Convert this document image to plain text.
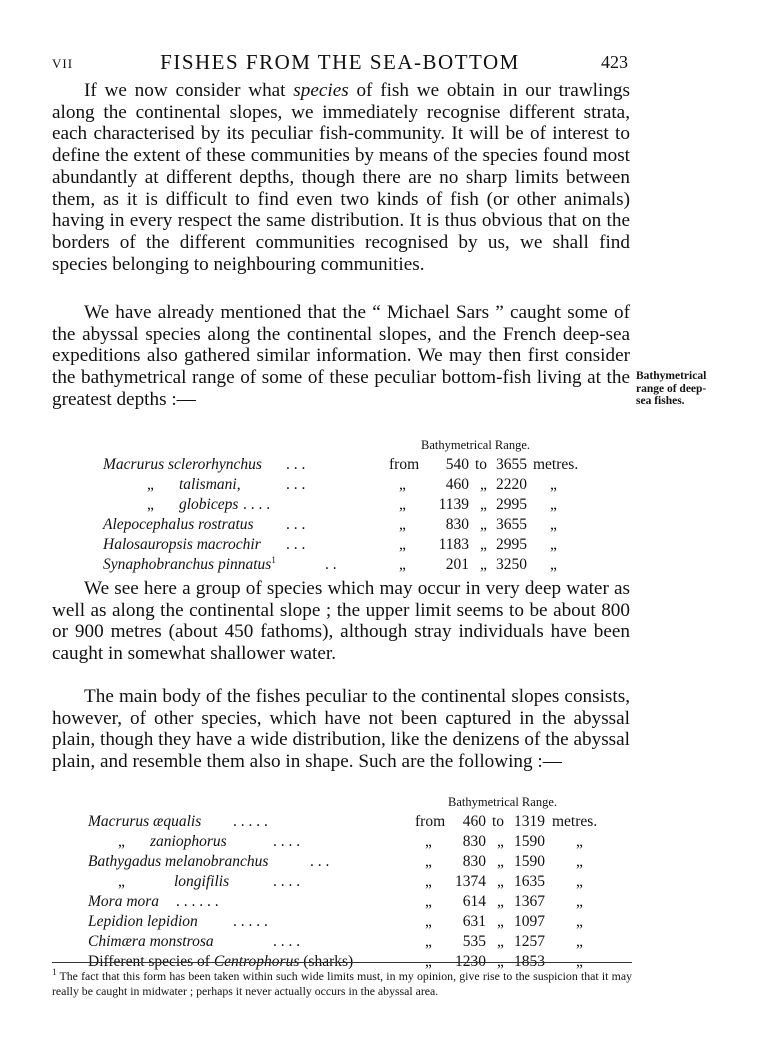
VII	FISHES FROM THE SEA-BOTTOM	423

If we now consider what species of fish we obtain in our trawlings along the continental slopes, we immediately recognise different strata, each characterised by its peculiar fish-community. It will be of interest to define the extent of these communities by means of the species found most abundantly at different depths, though there are no sharp limits between them, as it is difficult to find even two kinds of fish (or other animals) having in every respect the same distribution. It is thus obvious that on the borders of the different communities recognised by us, we shall find species belonging to neighbouring communities.

We have already mentioned that the “ Michael Sars ” caught some of the abyssal species along the continental slopes, and the French deep-sea expeditions also gathered similar information. We may then first consider the bathymetrical range of some of these peculiar bottom-fish living at the greatest depths :—

Bathymetrical
range of deep-
sea fishes.
Bathymetrical Range.
Macrurus sclerorhynchus . . .	from	540 to 3655 metres.
„ talismani,	. . .	„	460 „ 2220 „
„ globiceps . . . .	„	1139 „ 2995 „
Alepocephalus rostratus . . .	„	830 „ 3655 „
Halosauropsis macrochir . . .	„	1183 „ 2995 „
Synaphobranchus pinnatus$^1$	. .	„	201 „ 3250 „

We see here a group of species which may occur in very deep water as well as along the continental slope ; the upper limit seems to be about 800 or 900 metres (about 450 fathoms), although stray individuals have been caught in somewhat shallower water.

The main body of the fishes peculiar to the continental slopes consists, however, of other species, which have not been captured in the abyssal plain, though they have a wide distribution, like the denizens of the abyssal plain, and resemble them also in shape. Such are the following :—

Bathymetrical Range.
Macrurus æqualis . . . . .	from	460 to 1319 metres.
„ zaniophorus	. . . .	„	830 „ 1590 „
Bathygadus melanobranchus	. . .	„	830 „ 1590 „
„	longifilis	. . . .	„	1374 „ 1635 „
Mora mora . . . . . .	„	614 „ 1367 „
Lepidion lepidion . . . . .	„	631 „ 1097 „
Chimæra monstrosa	. . . .	„	535 „ 1257 „
Different species of Centrophorus (sharks)	„	1230 „ 1853 „

$^1$ The fact that this form has been taken within such wide limits must, in my opinion, give rise to the suspicion that it may really be caught in midwater ; perhaps it never actually occurs in the abyssal area.
